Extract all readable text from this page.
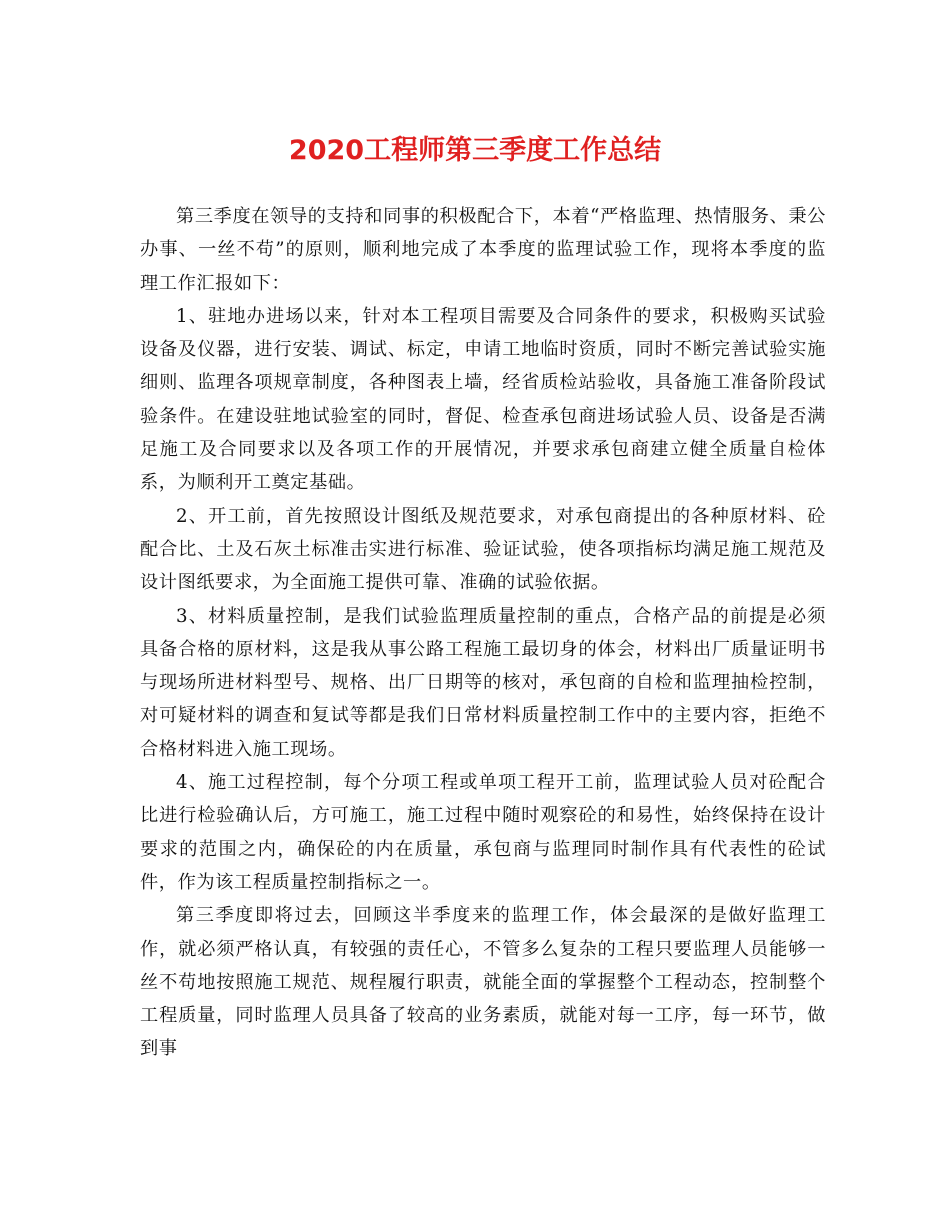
2020工程师第三季度工作总结

第三季度在领导的支持和同事的积极配合下，本着“严格监理、热情服务、秉公办事、一丝不苟”的原则，顺利地完成了本季度的监理试验工作，现将本季度的监理工作汇报如下：

1、驻地办进场以来，针对本工程项目需要及合同条件的要求，积极购买试验设备及仪器，进行安装、调试、标定，申请工地临时资质，同时不断完善试验实施细则、监理各项规章制度，各种图表上墙，经省质检站验收，具备施工准备阶段试验条件。在建设驻地试验室的同时，督促、检查承包商进场试验人员、设备是否满足施工及合同要求以及各项工作的开展情况，并要求承包商建立健全质量自检体系，为顺利开工奠定基础。

2、开工前，首先按照设计图纸及规范要求，对承包商提出的各种原材料、砼配合比、土及石灰土标准击实进行标准、验证试验，使各项指标均满足施工规范及设计图纸要求，为全面施工提供可靠、准确的试验依据。

3、材料质量控制，是我们试验监理质量控制的重点，合格产品的前提是必须具备合格的原材料，这是我从事公路工程施工最切身的体会，材料出厂质量证明书与现场所进材料型号、规格、出厂日期等的核对，承包商的自检和监理抽检控制，对可疑材料的调查和复试等都是我们日常材料质量控制工作中的主要内容，拒绝不合格材料进入施工现场。

4、施工过程控制，每个分项工程或单项工程开工前，监理试验人员对砼配合比进行检验确认后，方可施工，施工过程中随时观察砼的和易性，始终保持在设计要求的范围之内，确保砼的内在质量，承包商与监理同时制作具有代表性的砼试件，作为该工程质量控制指标之一。

第三季度即将过去，回顾这半季度来的监理工作，体会最深的是做好监理工作，就必须严格认真，有较强的责任心，不管多么复杂的工程只要监理人员能够一丝不苟地按照施工规范、规程履行职责，就能全面的掌握整个工程动态，控制整个工程质量，同时监理人员具备了较高的业务素质，就能对每一工序，每一环节，做到事
